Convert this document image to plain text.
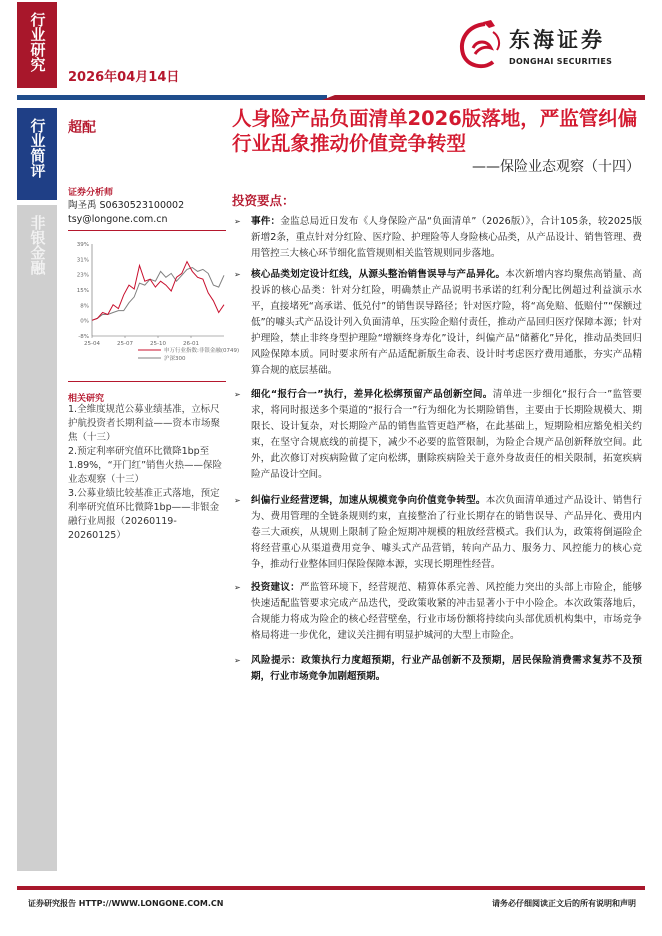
行业研究
行业简评
非银金融
2026年04月14日
东海证券
DONGHAI SECURITIES
超配	人身险产品负面清单2026版落地，严监管纠偏行业乱象推动价值竞争转型
——保险业态观察（十四）
证券分析师
陶圣禹 S0630523100002
tsy@longone.com.cn
-8%
0%
8%
15%
23%
31%
39%
25-04	25-07	25-10	26-01
申万行业指数:非银金融(0749)
沪深300
相关研究
1.全维度规范公募业绩基准，立标尺护航投资者长期利益——资本市场聚焦（十三）
2.预定利率研究值环比微降1bp至1.89%，“开门红”销售火热——保险业态观察（十三）
3.公募业绩比较基准正式落地，预定利率研究值环比微降1bp——非银金融行业周报（20260119-20260125）
投资要点：
➢ 事件：金监总局近日发布《人身保险产品“负面清单”（2026版）》，合计105条，较2025版新增2条，重点针对分红险、医疗险、护理险等人身险核心品类，从产品设计、销售管理、费用管控三大核心环节细化监管规则相关监管规则同步落地。
➢ 核心品类划定设计红线，从源头整治销售误导与产品异化。本次新增内容均聚焦高销量、高投诉的核心品类：针对分红险，明确禁止产品说明书承诺的红利分配比例超过利益演示水平，直接堵死“高承诺、低兑付”的销售误导路径；针对医疗险，将“高免赔、低赔付”“保额过低”的噱头式产品设计列入负面清单，压实险企赔付责任，推动产品回归医疗保障本源；针对护理险，禁止非终身型护理险“增额终身寿化”设计，纠偏产品“储蓄化”异化，推动品类回归风险保障本质。同时要求所有产品适配新版生命表、设计时考虑医疗费用通胀，夯实产品精算合规的底层基础。
➢ 细化“报行合一”执行，差异化松绑预留产品创新空间。清单进一步细化“报行合一”监管要求，将同时报送多个渠道的“报行合一”行为细化为长期险销售，主要由于长期险规模大、期限长、设计复杂，对长期险产品的销售监管更趋严格，在此基础上，短期险相应豁免相关约束，在坚守合规底线的前提下，减少不必要的监管限制，为险企合规产品创新释放空间。此外，此次修订对疾病险做了定向松绑，删除疾病险关于意外身故责任的相关限制，拓宽疾病险产品设计空间。
➢ 纠偏行业经营逻辑，加速从规模竞争向价值竞争转型。本次负面清单通过产品设计、销售行为、费用管理的全链条规则约束，直接整治了行业长期存在的销售误导、产品异化、费用内卷三大顽疾，从规则上限制了险企短期冲规模的粗放经营模式。我们认为，政策将倒逼险企将经营重心从渠道费用竞争、噱头式产品营销，转向产品力、服务力、风控能力的核心竞争，推动行业整体回归保险保障本源，实现长期理性经营。
➢ 投资建议：严监管环境下，经营规范、精算体系完善、风控能力突出的头部上市险企，能够快速适配监管要求完成产品迭代，受政策收紧的冲击显著小于中小险企。本次政策落地后，合规能力将成为险企的核心经营壁垒，行业市场份额将持续向头部优质机构集中，市场竞争格局将进一步优化，建议关注拥有明显护城河的大型上市险企。
➢ 风险提示：政策执行力度超预期，行业产品创新不及预期，居民保险消费需求复苏不及预期，行业市场竞争加剧超预期。
证券研究报告 HTTP://WWW.LONGONE.COM.CN	请务必仔细阅读正文后的所有说明和声明
